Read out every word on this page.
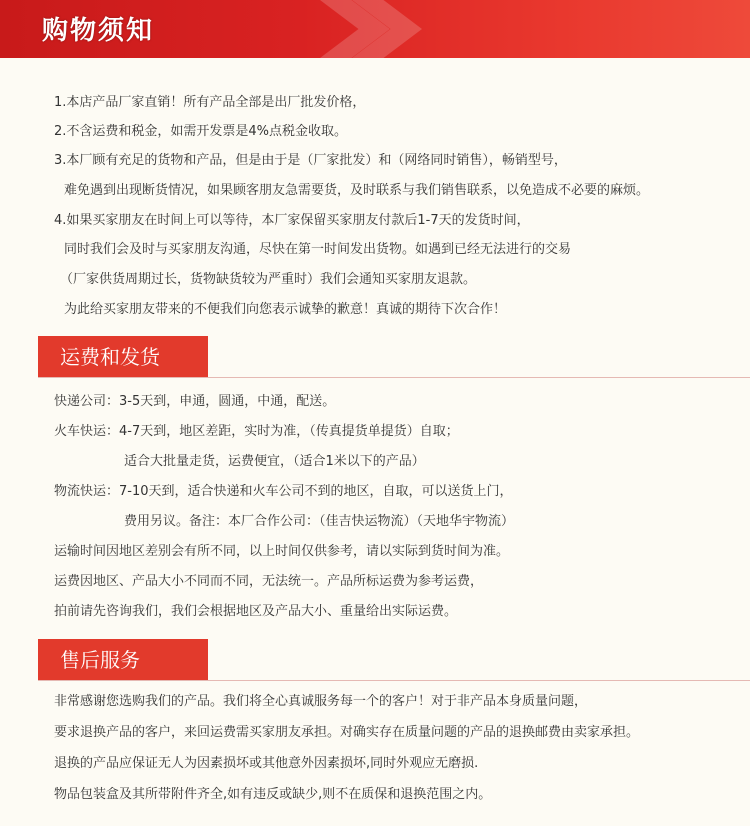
购物须知
1.本店产品厂家直销！所有产品全部是出厂批发价格，
2.不含运费和税金，如需开发票是4%点税金收取。
3.本厂顾有充足的货物和产品，但是由于是（厂家批发）和（网络同时销售），畅销型号，
难免遇到出现断货情况，如果顾客朋友急需要货，及时联系与我们销售联系，以免造成不必要的麻烦。
4.如果买家朋友在时间上可以等待，本厂家保留买家朋友付款后1-7天的发货时间，
同时我们会及时与买家朋友沟通，尽快在第一时间发出货物。如遇到已经无法进行的交易
（厂家供货周期过长，货物缺货较为严重时）我们会通知买家朋友退款。
为此给买家朋友带来的不便我们向您表示诚挚的歉意！真诚的期待下次合作！
运费和发货
快递公司：3-5天到，申通，圆通，中通，配送。
火车快运：4-7天到，地区差距，实时为准，（传真提货单提货）自取；
适合大批量走货，运费便宜，（适合1米以下的产品）
物流快运：7-10天到，适合快递和火车公司不到的地区，自取，可以送货上门，
费用另议。备注：本厂合作公司：（佳吉快运物流）（天地华宇物流）
运输时间因地区差别会有所不同，以上时间仅供参考，请以实际到货时间为准。
运费因地区、产品大小不同而不同，无法统一。产品所标运费为参考运费，
拍前请先咨询我们，我们会根据地区及产品大小、重量给出实际运费。
售后服务
非常感谢您选购我们的产品。我们将全心真诚服务每一个的客户！对于非产品本身质量问题，
要求退换产品的客户，来回运费需买家朋友承担。对确实存在质量问题的产品的退换邮费由卖家承担。
退换的产品应保证无人为因素损坏或其他意外因素损坏,同时外观应无磨损.
物品包装盒及其所带附件齐全,如有违反或缺少,则不在质保和退换范围之内。
